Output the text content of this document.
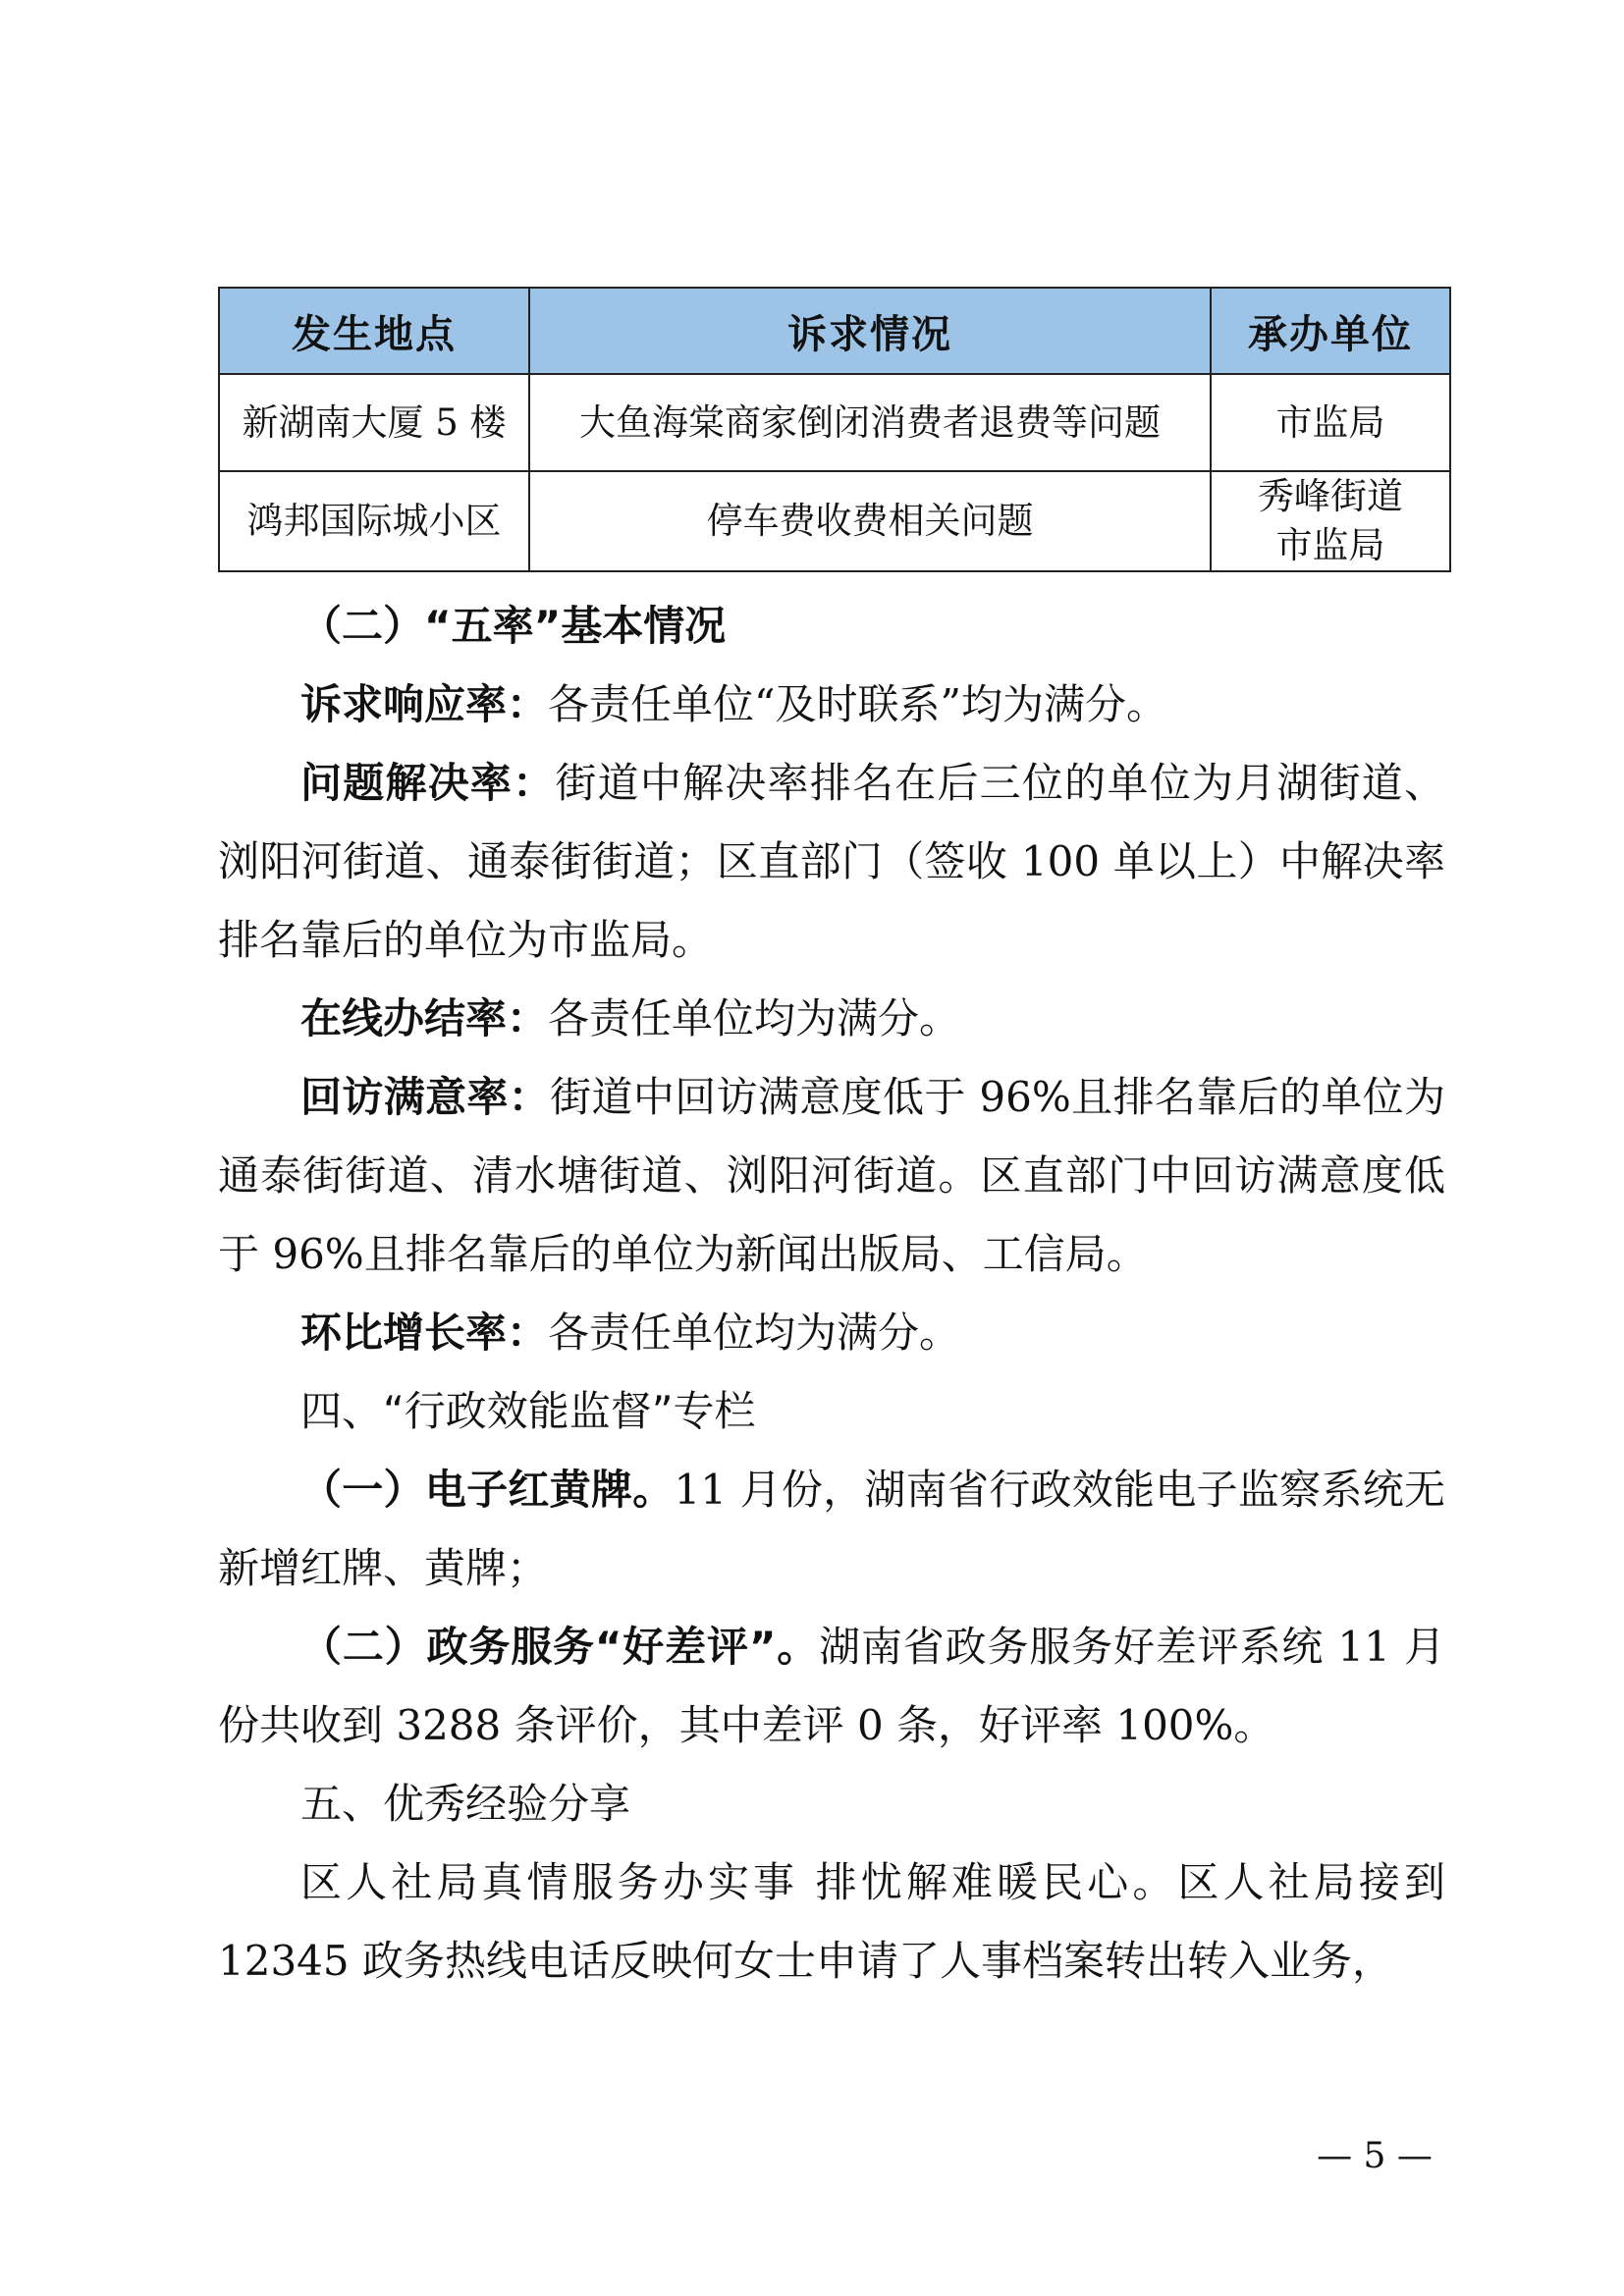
发生地点	诉求情况	承办单位
新湖南大厦 5 楼	大鱼海棠商家倒闭消费者退费等问题	市监局

鸿邦国际城小区	停车费收费相关问题	秀峰街道
市监局

（二）“五率”基本情况

诉求响应率：各责任单位“及时联系”均为满分。

问题解决率：街道中解决率排名在后三位的单位为月湖街道、浏阳河街道、通泰街街道；区直部门（签收 100 单以上）中解决率排名靠后的单位为市监局。

在线办结率：各责任单位均为满分。

回访满意率：街道中回访满意度低于 96%且排名靠后的单位为通泰街街道、清水塘街道、浏阳河街道。区直部门中回访满意度低于 96%且排名靠后的单位为新闻出版局、工信局。

环比增长率：各责任单位均为满分。

四、“行政效能监督”专栏

（一）电子红黄牌。11 月份，湖南省行政效能电子监察系统无新增红牌、黄牌；

（二）政务服务“好差评”。湖南省政务服务好差评系统 11 月份共收到 3288 条评价，其中差评 0 条，好评率 100%。

五、优秀经验分享

区人社局真情服务办实事 排忧解难暖民心。区人社局接到 12345 政务热线电话反映何女士申请了人事档案转出转入业务，

— 5 —
